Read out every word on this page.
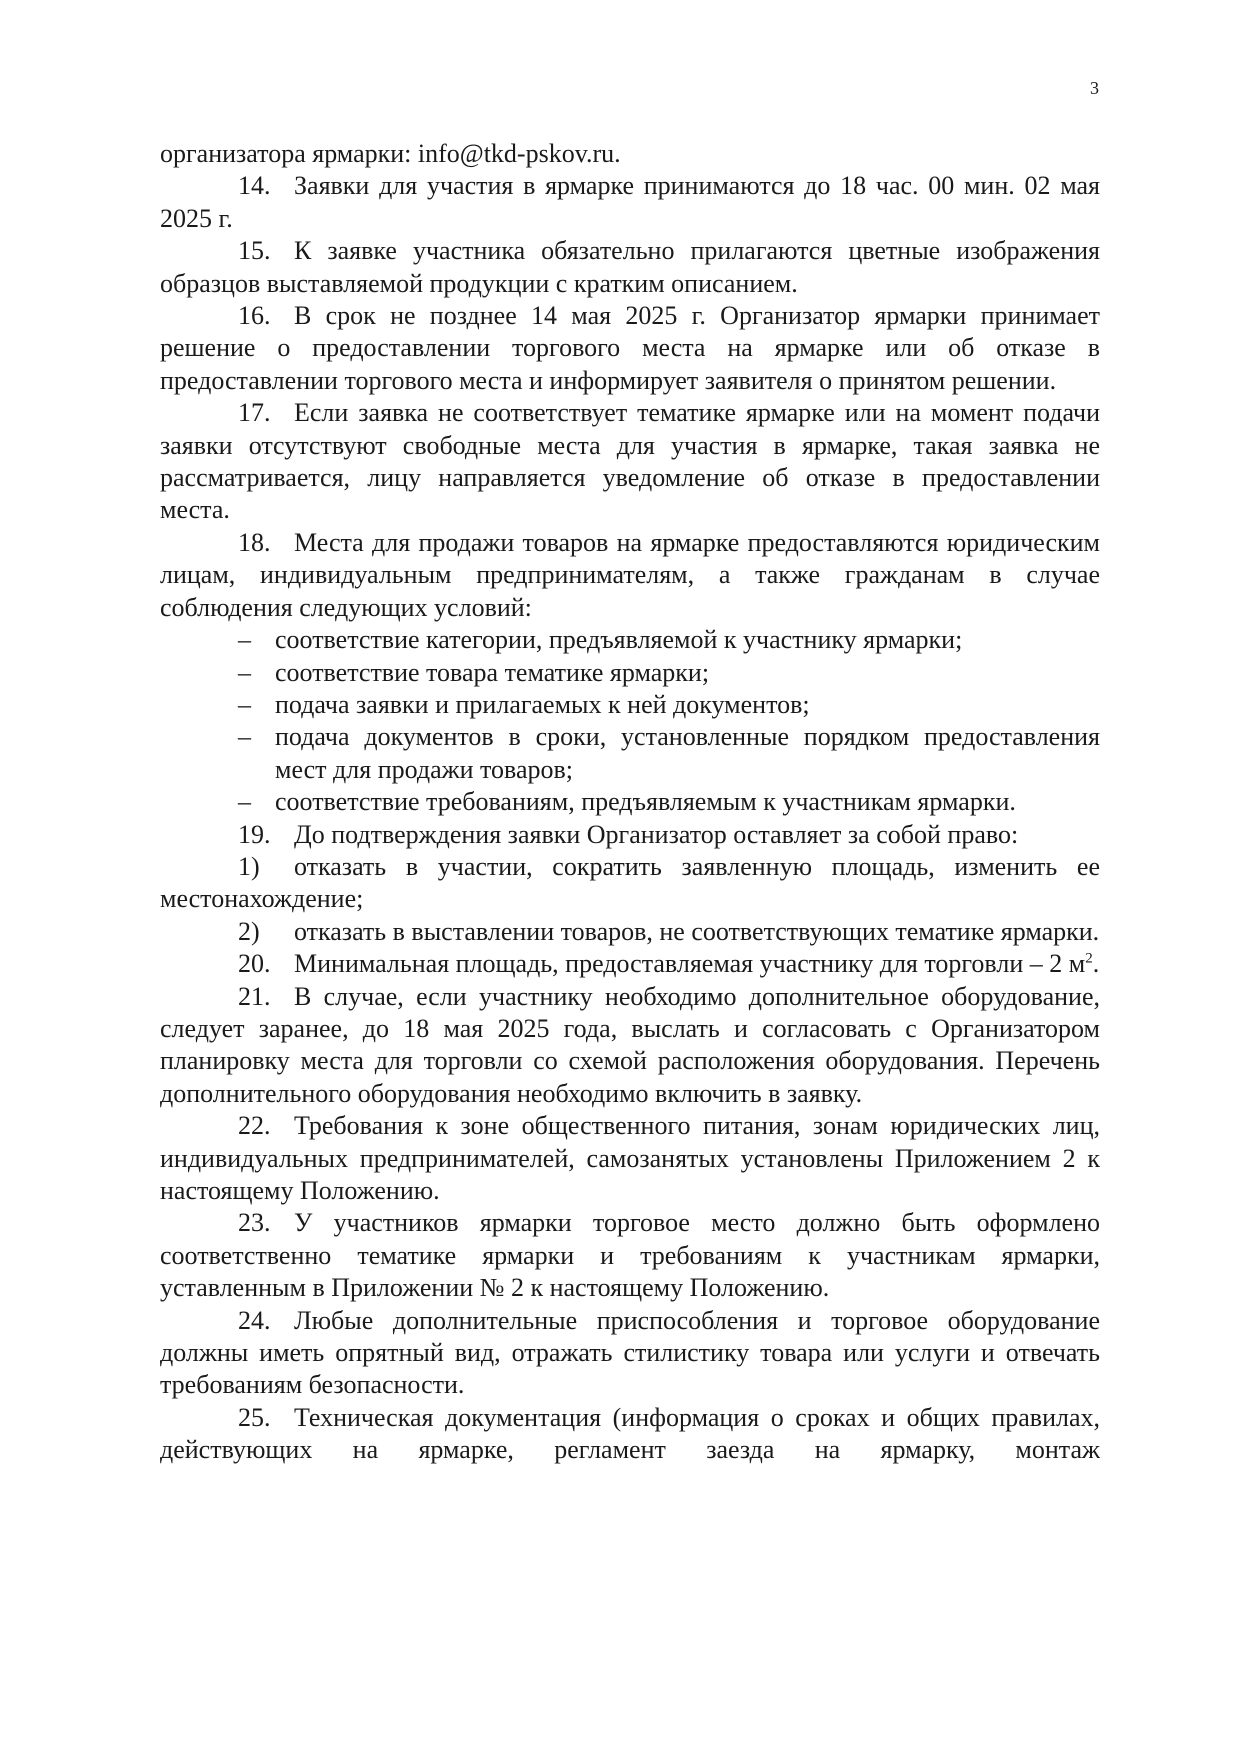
3

организатора ярмарки: info@tkd-pskov.ru.

14. Заявки для участия в ярмарке принимаются до 18 час. 00 мин. 02 мая 2025 г.

15. К заявке участника обязательно прилагаются цветные изображения образцов выставляемой продукции с кратким описанием.

16. В срок не позднее 14 мая 2025 г. Организатор ярмарки принимает решение о предоставлении торгового места на ярмарке или об отказе в предоставлении торгового места и информирует заявителя о принятом решении.

17. Если заявка не соответствует тематике ярмарке или на момент подачи заявки отсутствуют свободные места для участия в ярмарке, такая заявка не рассматривается, лицу направляется уведомление об отказе в предоставлении места.

18. Места для продажи товаров на ярмарке предоставляются юридическим лицам, индивидуальным предпринимателям, а также гражданам в случае соблюдения следующих условий:

– соответствие категории, предъявляемой к участнику ярмарки;

– соответствие товара тематике ярмарки;

– подача заявки и прилагаемых к ней документов;

– подача документов в сроки, установленные порядком предоставления мест для продажи товаров;

– соответствие требованиям, предъявляемым к участникам ярмарки.

19. До подтверждения заявки Организатор оставляет за собой право:

1) отказать в участии, сократить заявленную площадь, изменить ее местонахождение;

2) отказать в выставлении товаров, не соответствующих тематике ярмарки.

20. Минимальная площадь, предоставляемая участнику для торговли – 2 $м^2$.

21. В случае, если участнику необходимо дополнительное оборудование, следует заранее, до 18 мая 2025 года, выслать и согласовать с Организатором планировку места для торговли со схемой расположения оборудования. Перечень дополнительного оборудования необходимо включить в заявку.

22. Требования к зоне общественного питания, зонам юридических лиц, индивидуальных предпринимателей, самозанятых установлены Приложением 2 к настоящему Положению.

23. У участников ярмарки торговое место должно быть оформлено соответственно тематике ярмарки и требованиям к участникам ярмарки, уставленным в Приложении № 2 к настоящему Положению.

24. Любые дополнительные приспособления и торговое оборудование должны иметь опрятный вид, отражать стилистику товара или услуги и отвечать требованиям безопасности.

25. Техническая документация (информация о сроках и общих правилах, действующих на ярмарке, регламент заезда на ярмарку, монтаж
